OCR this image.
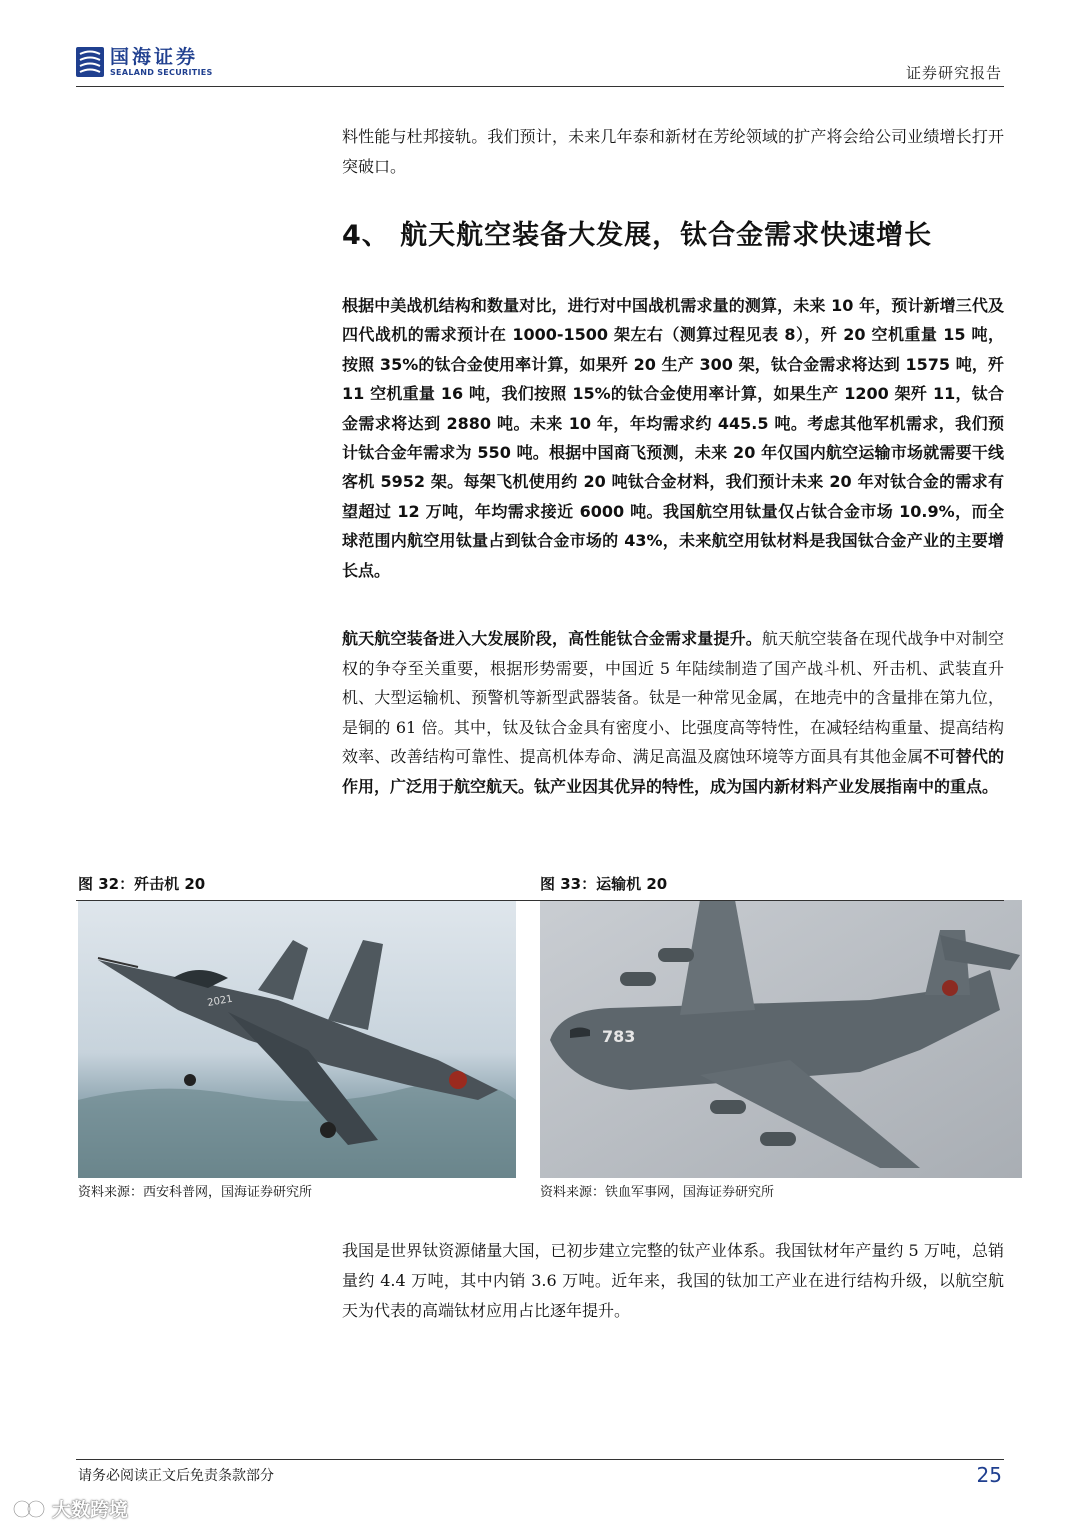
国海证券
SEALAND SECURITIES	证券研究报告

料性能与杜邦接轨。我们预计，未来几年泰和新材在芳纶领域的扩产将会给公司业绩增长打开突破口。

4、 航天航空装备大发展，钛合金需求快速增长

根据中美战机结构和数量对比，进行对中国战机需求量的测算，未来 10 年，预计新增三代及四代战机的需求预计在 1000-1500 架左右（测算过程见表 8），歼 20 空机重量 15 吨，按照 35%的钛合金使用率计算，如果歼 20 生产 300 架，钛合金需求将达到 1575 吨，歼 11 空机重量 16 吨，我们按照 15%的钛合金使用率计算，如果生产 1200 架歼 11，钛合金需求将达到 2880 吨。未来 10 年，年均需求约 445.5 吨。考虑其他军机需求，我们预计钛合金年需求为 550 吨。根据中国商飞预测，未来 20 年仅国内航空运输市场就需要干线客机 5952 架。每架飞机使用约 20 吨钛合金材料，我们预计未来 20 年对钛合金的需求有望超过 12 万吨，年均需求接近 6000 吨。我国航空用钛量仅占钛合金市场 10.9%，而全球范围内航空用钛量占到钛合金市场的 43%，未来航空用钛材料是我国钛合金产业的主要增长点。

航天航空装备进入大发展阶段，高性能钛合金需求量提升。航天航空装备在现代战争中对制空权的争夺至关重要，根据形势需要，中国近 5 年陆续制造了国产战斗机、歼击机、武装直升机、大型运输机、预警机等新型武器装备。钛是一种常见金属，在地壳中的含量排在第九位，是铜的 61 倍。其中，钛及钛合金具有密度小、比强度高等特性，在减轻结构重量、提高结构效率、改善结构可靠性、提高机体寿命、满足高温及腐蚀环境等方面具有其他金属不可替代的作用，广泛用于航空航天。钛产业因其优异的特性，成为国内新材料产业发展指南中的重点。

图 32：歼击机 20
2021
资料来源：西安科普网，国海证券研究所
图 33：运输机 20
783
资料来源：铁血军事网，国海证券研究所

我国是世界钛资源储量大国，已初步建立完整的钛产业体系。我国钛材年产量约 5 万吨，总销量约 4.4 万吨，其中内销 3.6 万吨。近年来，我国的钛加工产业在进行结构升级，以航空航天为代表的高端钛材应用占比逐年提升。

请务必阅读正文后免责条款部分	25
大数跨境
